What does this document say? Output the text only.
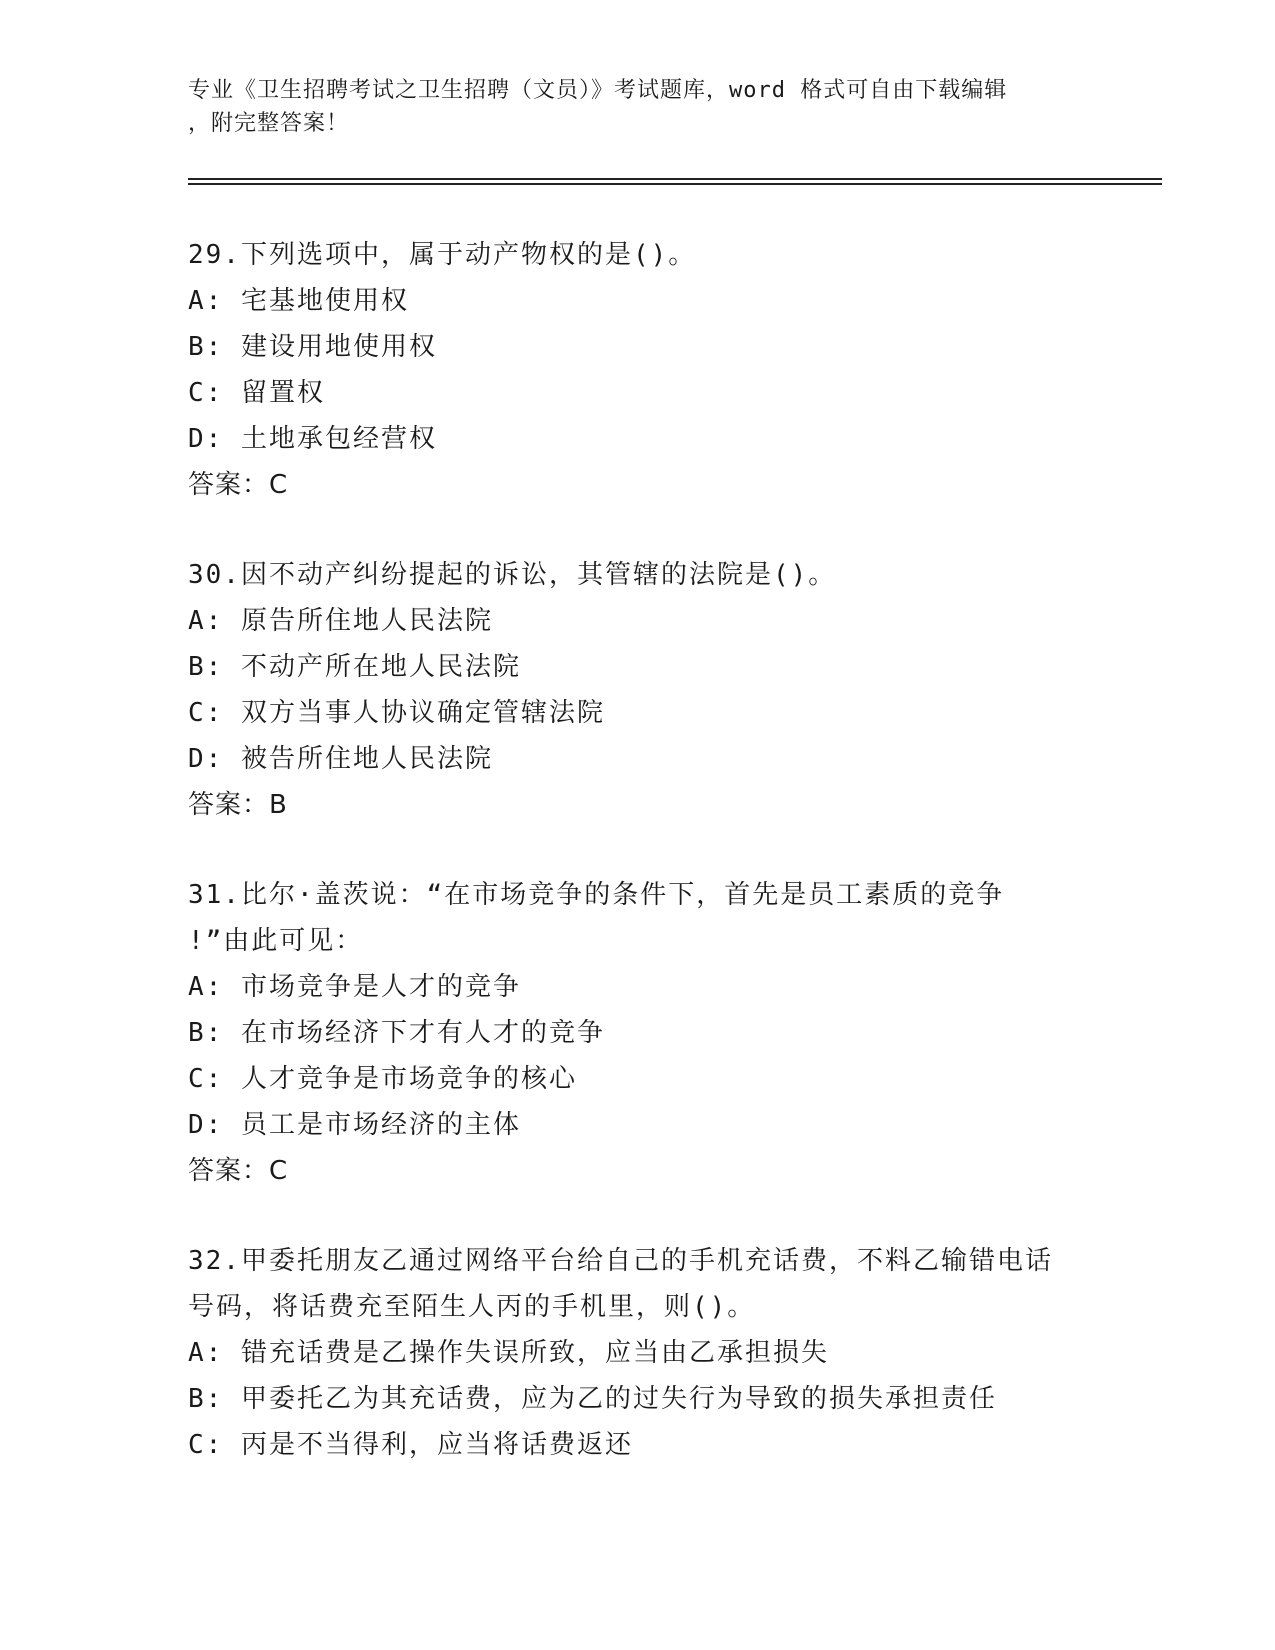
专业《卫生招聘考试之卫生招聘（文员）》考试题库，word 格式可自由下载编辑
，附完整答案！
29.下列选项中，属于动产物权的是()。
A: 宅基地使用权
B: 建设用地使用权
C: 留置权
D: 土地承包经营权
答案：C
30.因不动产纠纷提起的诉讼，其管辖的法院是()。
A: 原告所住地人民法院
B: 不动产所在地人民法院
C: 双方当事人协议确定管辖法院
D: 被告所住地人民法院
答案：B
31.比尔·盖茨说：“在市场竞争的条件下，首先是员工素质的竞争
!”由此可见：
A: 市场竞争是人才的竞争
B: 在市场经济下才有人才的竞争
C: 人才竞争是市场竞争的核心
D: 员工是市场经济的主体
答案：C
32.甲委托朋友乙通过网络平台给自己的手机充话费，不料乙输错电话
号码，将话费充至陌生人丙的手机里，则()。
A: 错充话费是乙操作失误所致，应当由乙承担损失
B: 甲委托乙为其充话费，应为乙的过失行为导致的损失承担责任
C: 丙是不当得利，应当将话费返还
